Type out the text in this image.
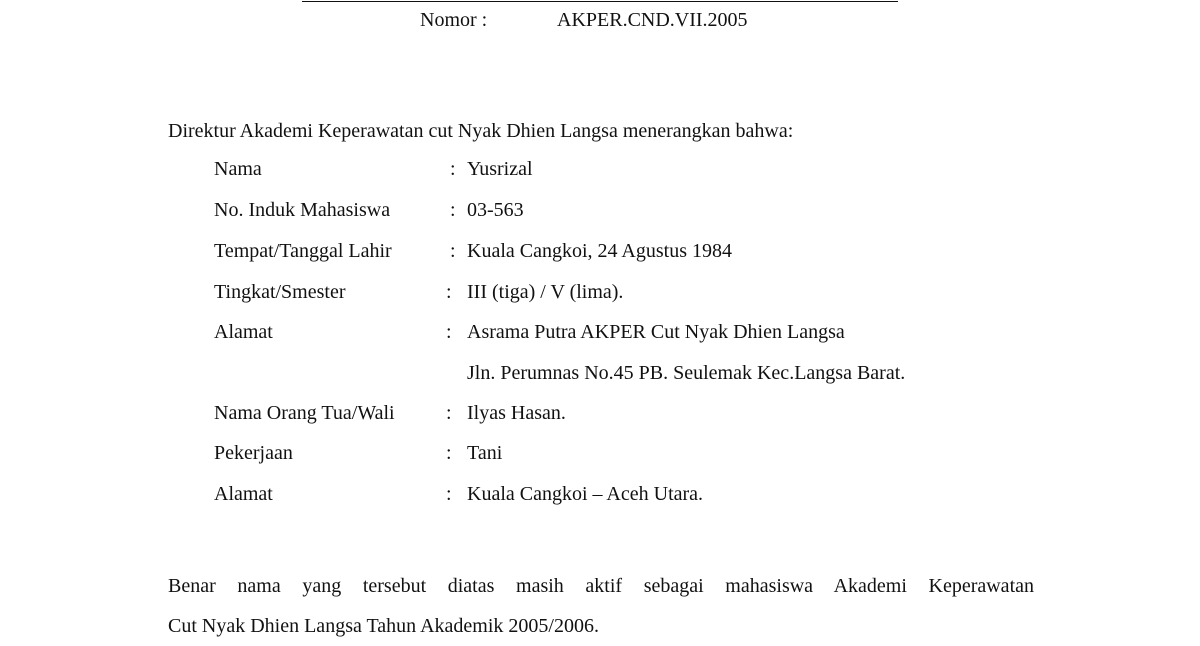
Nomor :	AKPER.CND.VII.2005
Direktur Akademi Keperawatan cut Nyak Dhien Langsa menerangkan bahwa:
Nama	: Yusrizal
No. Induk Mahasiswa	: 03-563
Tempat/Tanggal Lahir	: Kuala Cangkoi, 24 Agustus 1984
Tingkat/Smester	: III (tiga) / V (lima).
Alamat	: Asrama Putra AKPER Cut Nyak Dhien Langsa
Jln. Perumnas No.45 PB. Seulemak Kec.Langsa Barat.
Nama Orang Tua/Wali	: Ilyas Hasan.
Pekerjaan	: Tani
Alamat	: Kuala Cangkoi – Aceh Utara.

Benar nama yang tersebut diatas masih aktif sebagai mahasiswa Akademi Keperawatan

Cut Nyak Dhien Langsa Tahun Akademik 2005/2006.
